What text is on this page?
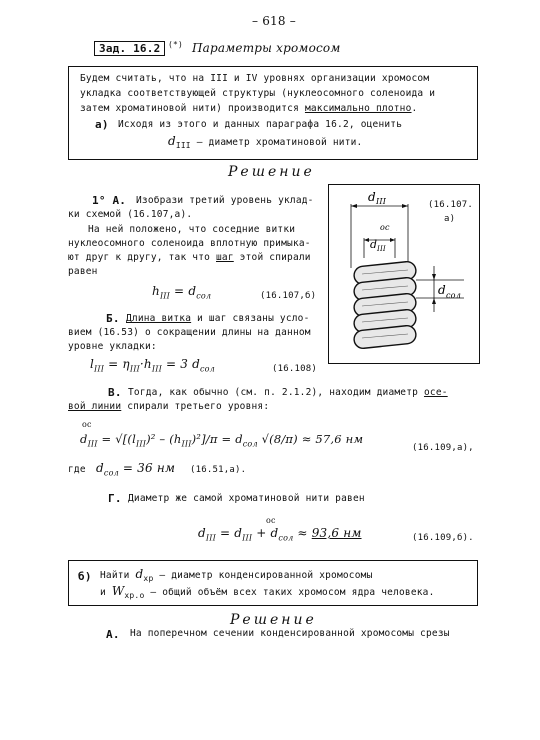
– 618 –
Зад. 16.2 (*) Параметры хромосом
Будем считать, что на III и IV уровнях организации хромосом
укладка соответствующей структуры (нуклеосомного соленоида и
затем хроматиновой нити) производится максимально плотно.
а) Исходя из этого и данных параграфа 16.2, оценить
$d_{III}$ – диаметр хроматиновой нити.
Решение
1° А. Изобрази третий уровень уклад-
ки схемой (16.107,а).
На ней положено, что соседние витки
нуклеосомного соленоида вплотную примыка-
ют друг к другу, так что шаг этой спирали
равен
$h_{III} = d_{сол}$	(16.107,б)
Б. Длина витка и шаг связаны усло-
вием (16.53) о сокращении длины на данном
уровне укладки:
$l_{III} = \eta_{III}\cdot h_{III} = 3$ $d_{сол}$	(16.108)
В. Тогда, как обычно (см. п. 2.1.2), находим диаметр осе-
вой линии спирали третьего уровня:
ос
$d_{III} = √[(l_{III})^2 - (h_{III})^2]/\pi = d_{сол}$ √(8/π) ≈ 57,6 нм
(16.109,а),
где $d_{сол} = 36$ нм (16.51,а).
Г. Диаметр же самой хроматиновой нити равен
ос
$d_{III} = d_{III} + d_{сол} \approx 93,6$ нм	(16.109,б).
б) Найти $d_{хр}$ – диаметр конденсированной хромосомы
и $W_{хр.о}$ – общий объём всех таких хромосом ядра человека.
Решение
А. На поперечном сечении конденсированной хромосомы срезы
d III
ос
d III
d сол
(16.107.
а)
